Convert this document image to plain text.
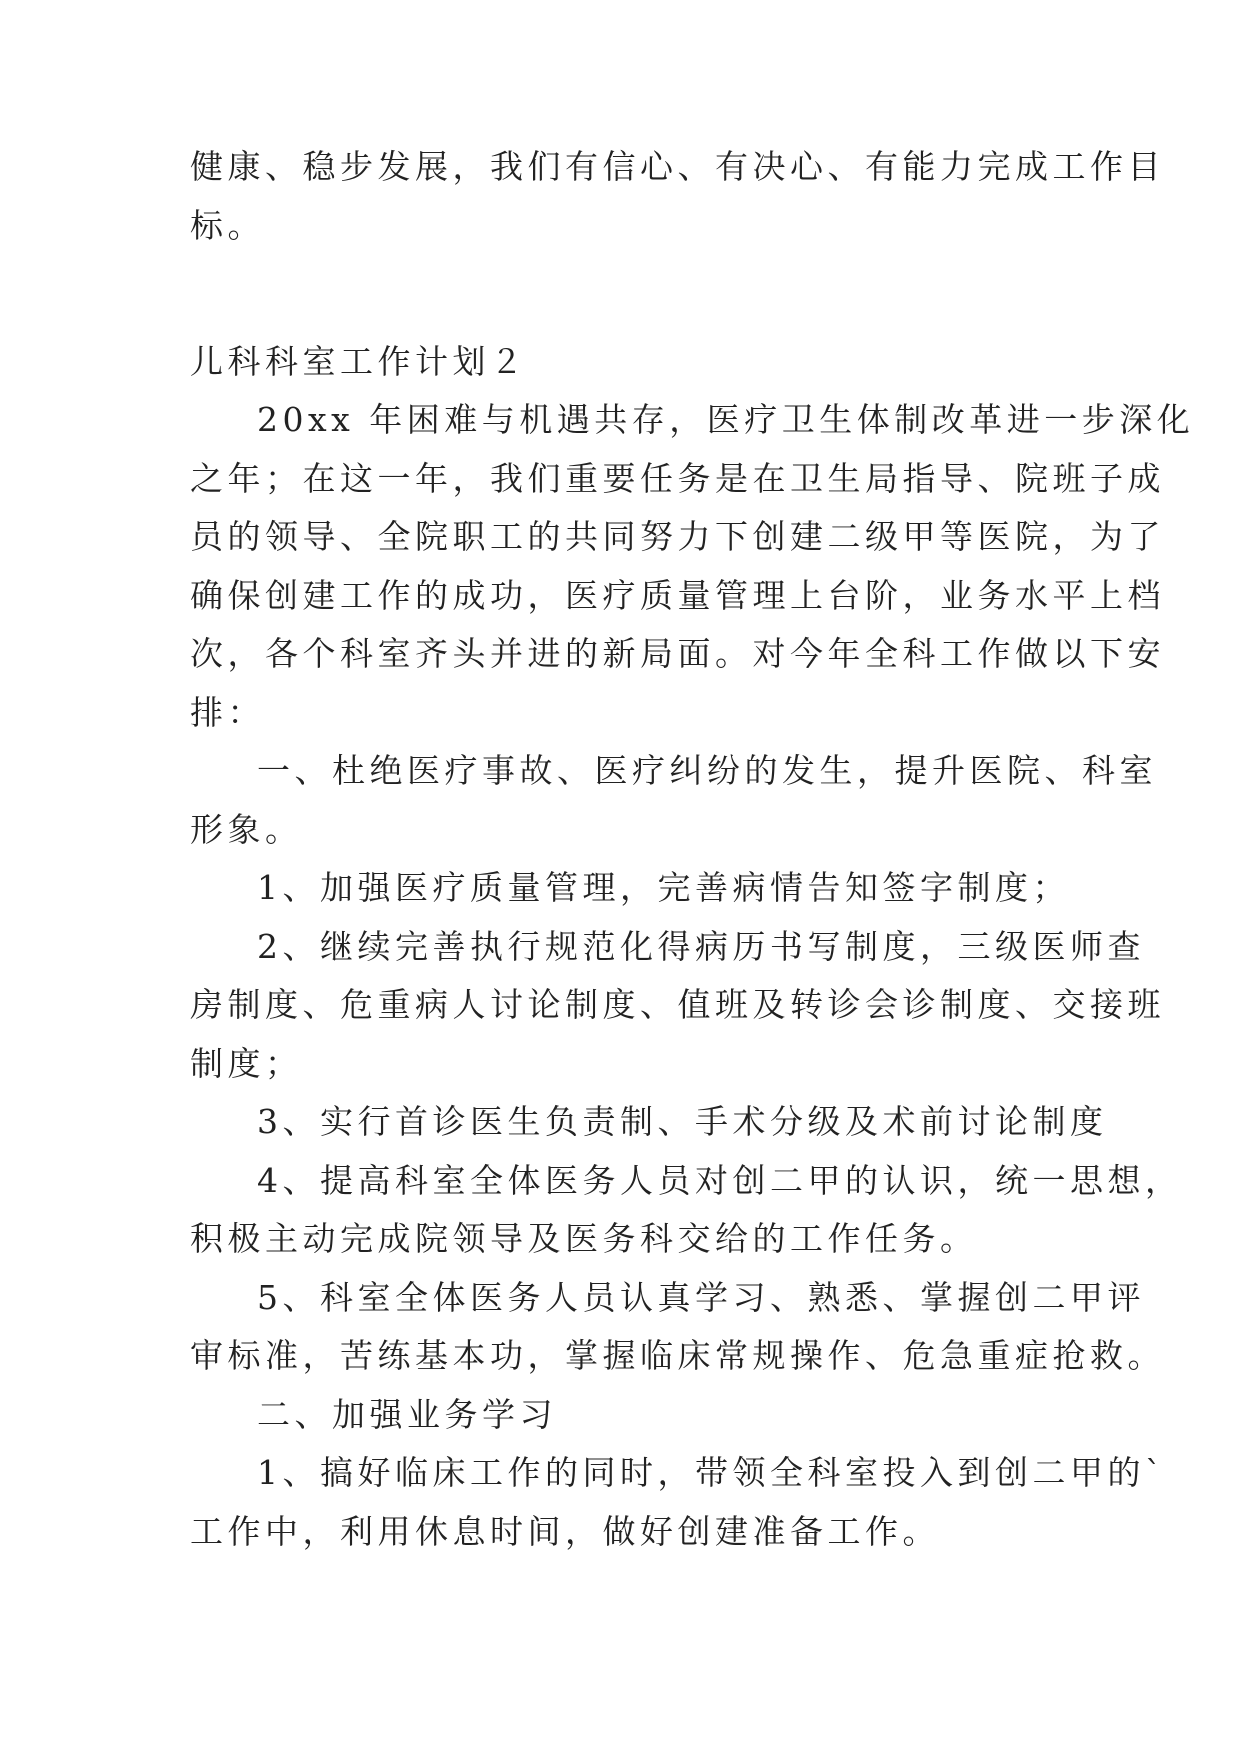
健康、稳步发展，我们有信心、有决心、有能力完成工作目
标。
儿科科室工作计划２
20xx 年困难与机遇共存，医疗卫生体制改革进一步深化
之年；在这一年，我们重要任务是在卫生局指导、院班子成
员的领导、全院职工的共同努力下创建二级甲等医院，为了
确保创建工作的成功，医疗质量管理上台阶，业务水平上档
次，各个科室齐头并进的新局面。对今年全科工作做以下安
排：
一、杜绝医疗事故、医疗纠纷的发生，提升医院、科室
形象。
1、加强医疗质量管理，完善病情告知签字制度；
2、继续完善执行规范化得病历书写制度，三级医师查
房制度、危重病人讨论制度、值班及转诊会诊制度、交接班
制度；
3、实行首诊医生负责制、手术分级及术前讨论制度
4、提高科室全体医务人员对创二甲的认识，统一思想，
积极主动完成院领导及医务科交给的工作任务。
5、科室全体医务人员认真学习、熟悉、掌握创二甲评
审标准，苦练基本功，掌握临床常规操作、危急重症抢救。
二、加强业务学习
1、搞好临床工作的同时，带领全科室投入到创二甲的`
工作中，利用休息时间，做好创建准备工作。
